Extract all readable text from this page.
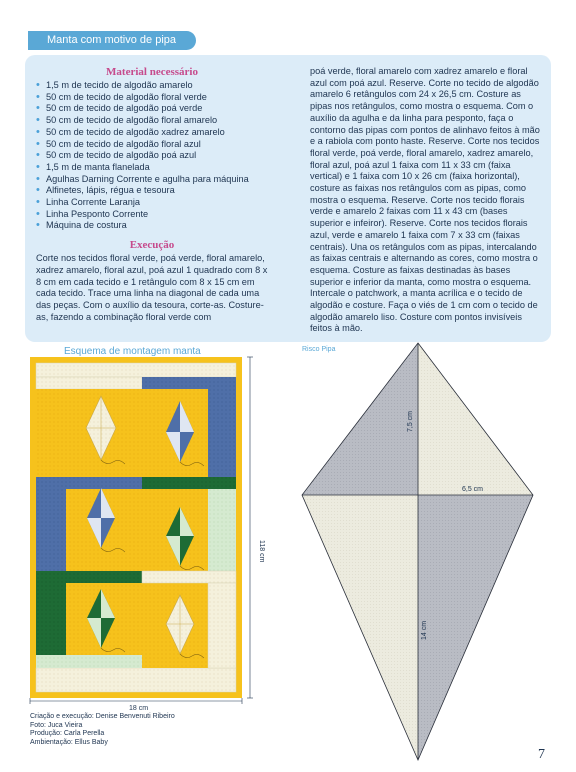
Manta com motivo de pipa
Material necessário
• 1,5 m de tecido de algodão amarelo
• 50 cm de tecido de algodão floral verde
• 50 cm de tecido de algodão poá verde
• 50 cm de tecido de algodão floral amarelo
• 50 cm de tecido de algodão xadrez amarelo
• 50 cm de tecido de algodão floral azul
• 50 cm de tecido de algodão poá azul
• 1,5 m de manta flanelada
• Agulhas Darning Corrente e agulha para máquina
• Alfinetes, lápis, régua e tesoura
• Linha Corrente Laranja
• Linha Pesponto Corrente
• Máquina de costura
Execução

Corte nos tecidos floral verde, poá verde, floral amarelo, xadrez amarelo, floral azul, poá azul 1 quadrado com 8 x 8 cm em cada tecido e 1 retângulo com 8 x 15 cm em cada tecido. Trace uma linha na diagonal de cada uma das peças. Com o auxílio da tesoura, corte-as. Costure-as, fazendo a combinação floral verde com

poá verde, floral amarelo com xadrez amarelo e floral azul com poá azul. Reserve. Corte no tecido de algodão amarelo 6 retângulos com 24 x 26,5 cm. Costure as pipas nos retângulos, como mostra o esquema. Com o auxílio da agulha e da linha para pesponto, faça o contorno das pipas com pontos de alinhavo feitos à mão e a rabiola com ponto haste. Reserve. Corte nos tecidos floral verde, poá verde, floral amarelo, xadrez amarelo, floral azul, poá azul 1 faixa com 11 x 33 cm (faixa vertical) e 1 faixa com 10 x 26 cm (faixa horizontal), costure as faixas nos retângulos com as pipas, como mostra o esquema. Reserve. Corte nos tecido florais verde e amarelo 2 faixas com 11 x 43 cm (bases superior e infeiror). Reserve. Corte nos tecidos florais azul, verde e amarelo 1 faixa com 7 x 33 cm (faixas centrais). Una os retângulos com as pipas, intercalando as faixas centrais e alternando as cores, como mostra o esquema. Costure as faixas destinadas às bases superior e inferior da manta, como mostra o esquema. Intercale o patchwork, a manta acrílica e o tecido de algodão e costure. Faça o viés de 1 cm com o tecido de algodão amarelo liso. Costure com pontos invisíveis feitos à mão.

Esquema de montagem manta	Risco Pipa
18 cm
118 cm
7,5 cm
6,5 cm
14 cm
Criação e execução: Denise Benvenuti Ribeiro
Foto: Juca Vieira
Produção: Carla Perella
Ambientação: Ellus Baby
7
